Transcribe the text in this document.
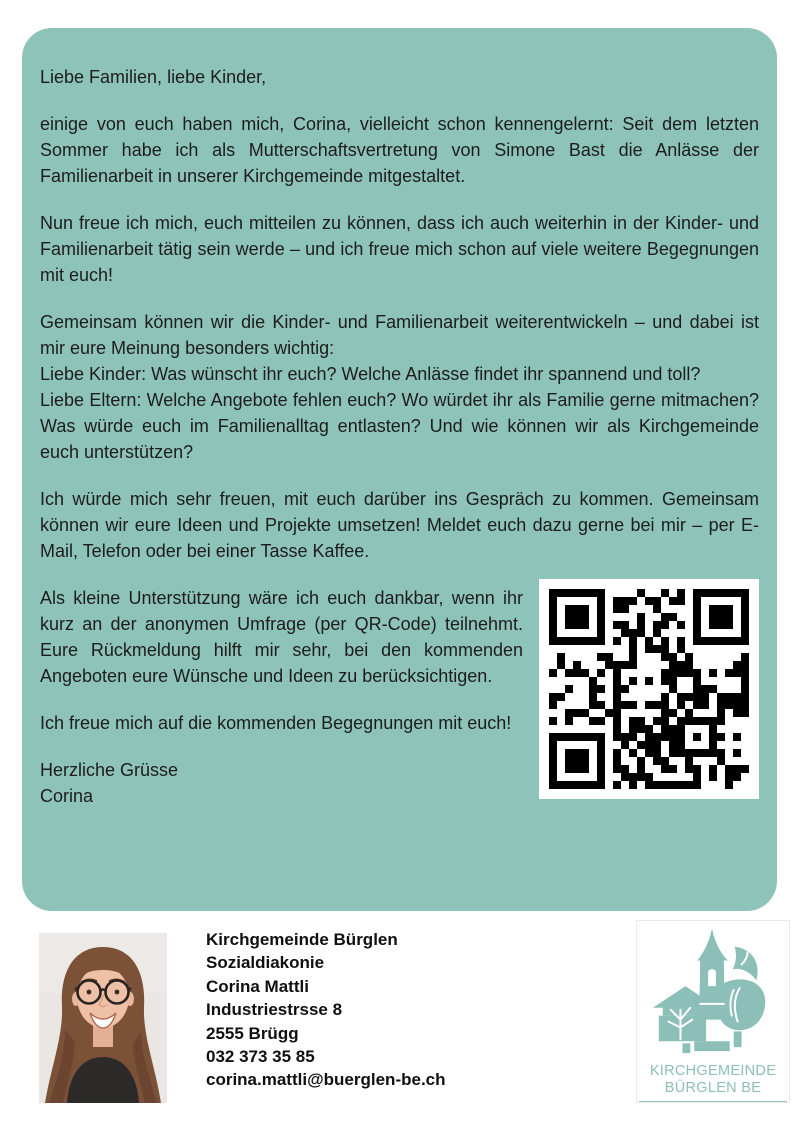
Liebe Familien, liebe Kinder,

einige von euch haben mich, Corina, vielleicht schon kennengelernt: Seit dem letzten Sommer habe ich als Mutterschaftsvertretung von Simone Bast die Anlässe der Familienarbeit in unserer Kirchgemeinde mitgestaltet.

Nun freue ich mich, euch mitteilen zu können, dass ich auch weiterhin in der Kinder- und Familienarbeit tätig sein werde – und ich freue mich schon auf viele weitere Begegnungen mit euch!

Gemeinsam können wir die Kinder- und Familienarbeit weiterentwickeln – und dabei ist mir eure Meinung besonders wichtig:

Liebe Kinder: Was wünscht ihr euch? Welche Anlässe findet ihr spannend und toll?

Liebe Eltern: Welche Angebote fehlen euch? Wo würdet ihr als Familie gerne mitmachen? Was würde euch im Familienalltag entlasten? Und wie können wir als Kirchgemeinde euch unterstützen?

Ich würde mich sehr freuen, mit euch darüber ins Gespräch zu kommen. Gemeinsam können wir eure Ideen und Projekte umsetzen! Meldet euch dazu gerne bei mir – per E-Mail, Telefon oder bei einer Tasse Kaffee.

Als kleine Unterstützung wäre ich euch dankbar, wenn ihr kurz an der anonymen Umfrage (per QR-Code) teilnehmt. Eure Rückmeldung hilft mir sehr, bei den kommenden Angeboten eure Wünsche und Ideen zu berücksichtigen.

Ich freue mich auf die kommenden Begegnungen mit euch!

Herzliche Grüsse

Corina

Kirchgemeinde Bürglen
Sozialdiakonie
Corina Mattli
Industriestrsse 8
2555 Brügg
032 373 35 85
corina.mattli@buerglen-be.ch	KIRCHGEMEINDE
BÜRGLEN BE
